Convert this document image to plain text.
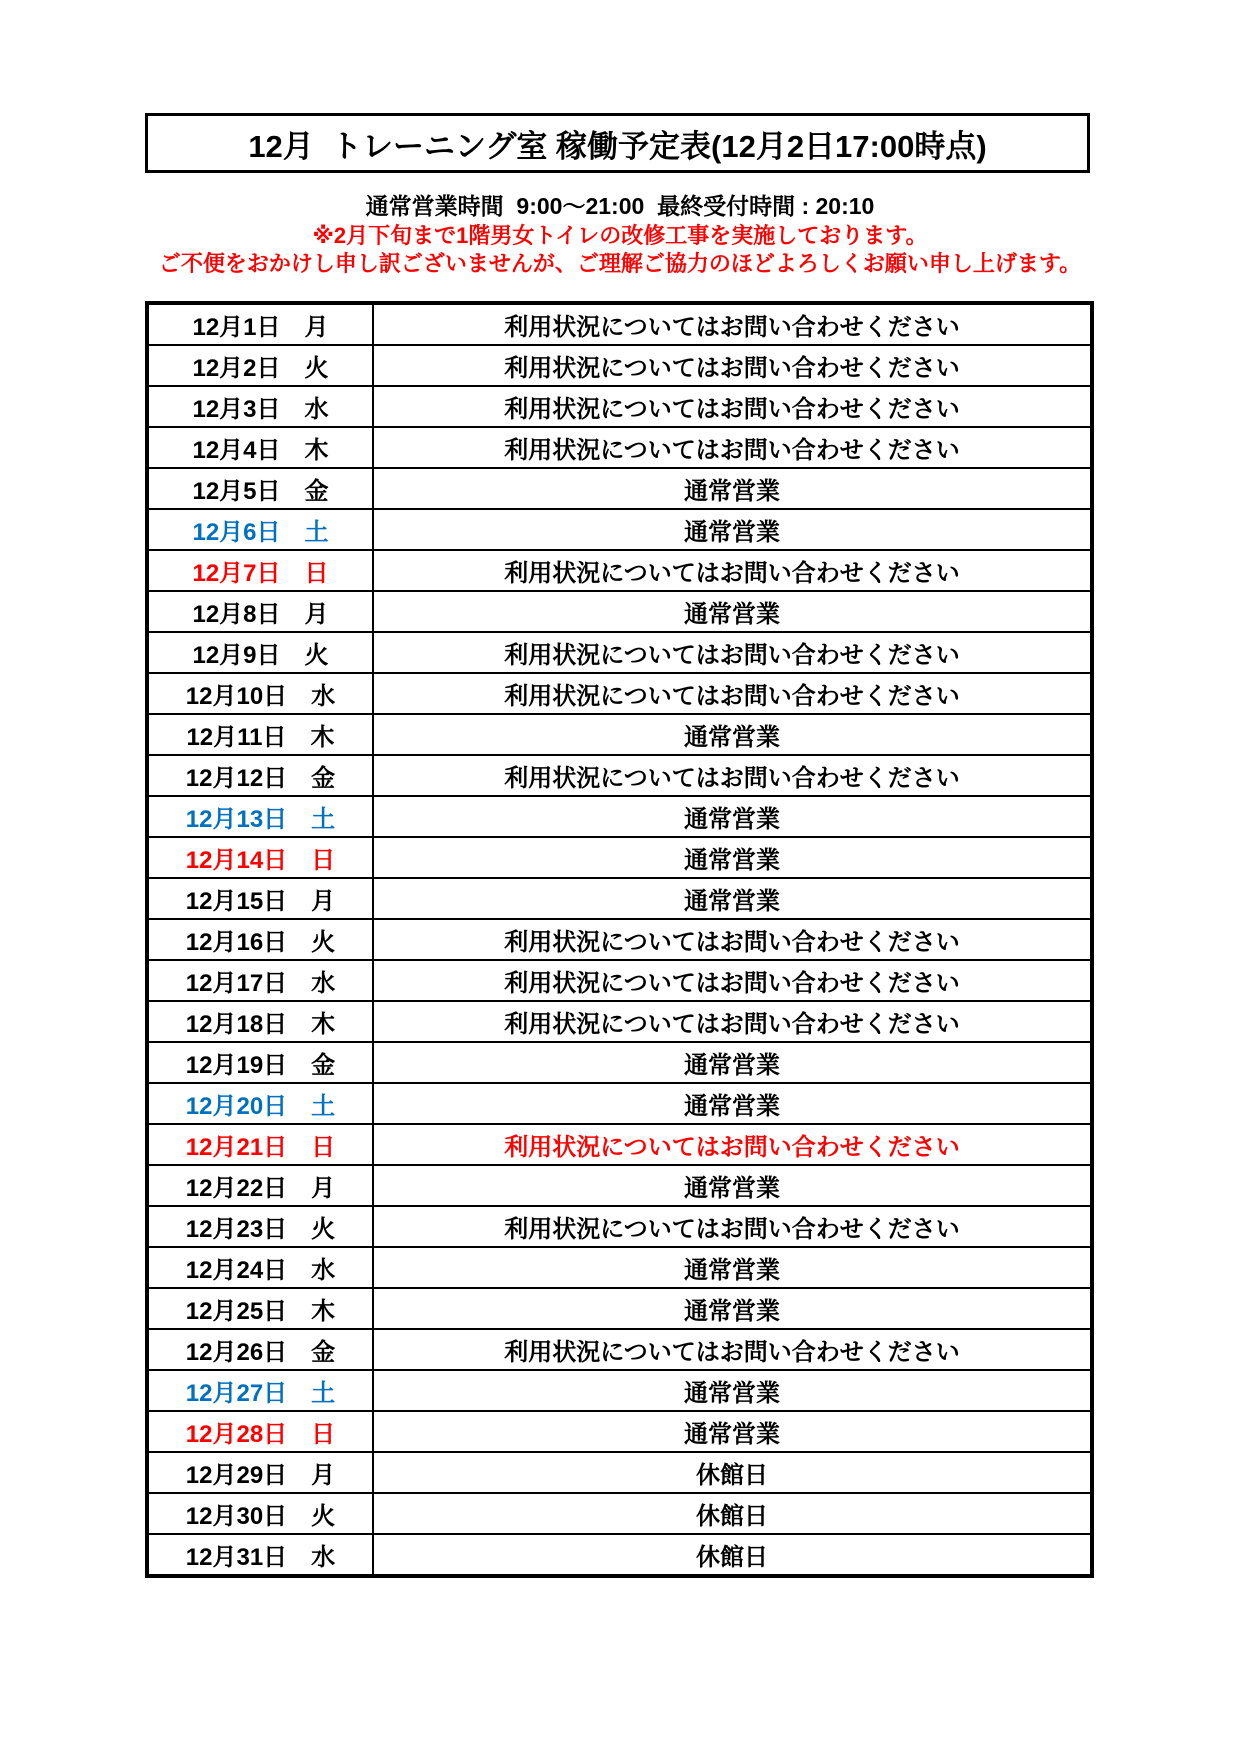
12月  トレーニング室 稼働予定表(12月2日17:00時点)
通常営業時間  9:00〜21:00  最終受付時間 : 20:10
※2月下旬まで1階男女トイレの改修工事を実施しております。
ご不便をおかけし申し訳ございませんが、ご理解ご協力のほどよろしくお願い申し上げます。
12月1日　月	利用状況についてはお問い合わせください
12月2日　火	利用状況についてはお問い合わせください
12月3日　水	利用状況についてはお問い合わせください
12月4日　木	利用状況についてはお問い合わせください
12月5日　金	通常営業
12月6日　土	通常営業
12月7日　日	利用状況についてはお問い合わせください
12月8日　月	通常営業
12月9日　火	利用状況についてはお問い合わせください
12月10日　水	利用状況についてはお問い合わせください
12月11日　木	通常営業
12月12日　金	利用状況についてはお問い合わせください
12月13日　土	通常営業
12月14日　日	通常営業
12月15日　月	通常営業
12月16日　火	利用状況についてはお問い合わせください
12月17日　水	利用状況についてはお問い合わせください
12月18日　木	利用状況についてはお問い合わせください
12月19日　金	通常営業
12月20日　土	通常営業
12月21日　日	利用状況についてはお問い合わせください
12月22日　月	通常営業
12月23日　火	利用状況についてはお問い合わせください
12月24日　水	通常営業
12月25日　木	通常営業
12月26日　金	利用状況についてはお問い合わせください
12月27日　土	通常営業
12月28日　日	通常営業
12月29日　月	休館日
12月30日　火	休館日
12月31日　水	休館日
